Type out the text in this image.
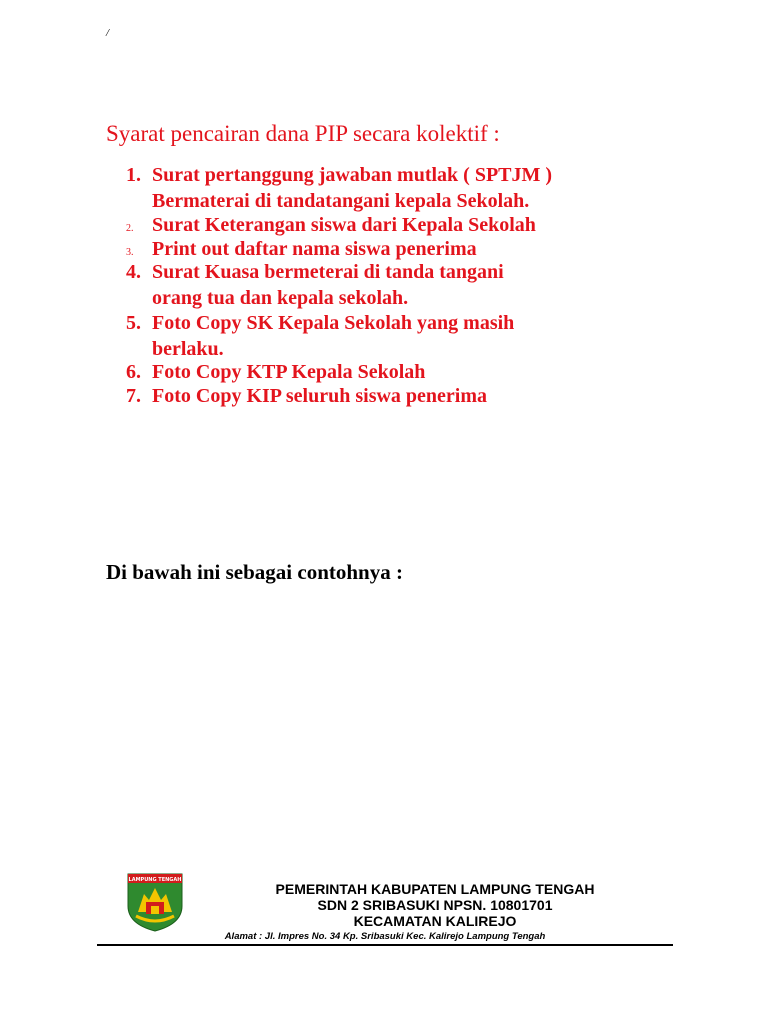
/
Syarat pencairan dana PIP secara kolektif :
1. Surat pertanggung jawaban mutlak ( SPTJM )
Bermaterai di tandatangani kepala Sekolah.
2. Surat Keterangan siswa dari Kepala Sekolah
3. Print out daftar nama siswa penerima
4. Surat Kuasa bermeterai di tanda tangani
orang tua dan kepala sekolah.
5. Foto Copy SK Kepala Sekolah yang masih
berlaku.
6. Foto Copy KTP Kepala Sekolah
7. Foto Copy KIP seluruh siswa penerima

Di bawah ini sebagai contohnya :

LAMPUNG TENGAH
PEMERINTAH KABUPATEN LAMPUNG TENGAH
SDN 2 SRIBASUKI NPSN. 10801701
KECAMATAN KALIREJO
Alamat : Jl. Impres No. 34 Kp. Sribasuki Kec. Kalirejo Lampung Tengah
